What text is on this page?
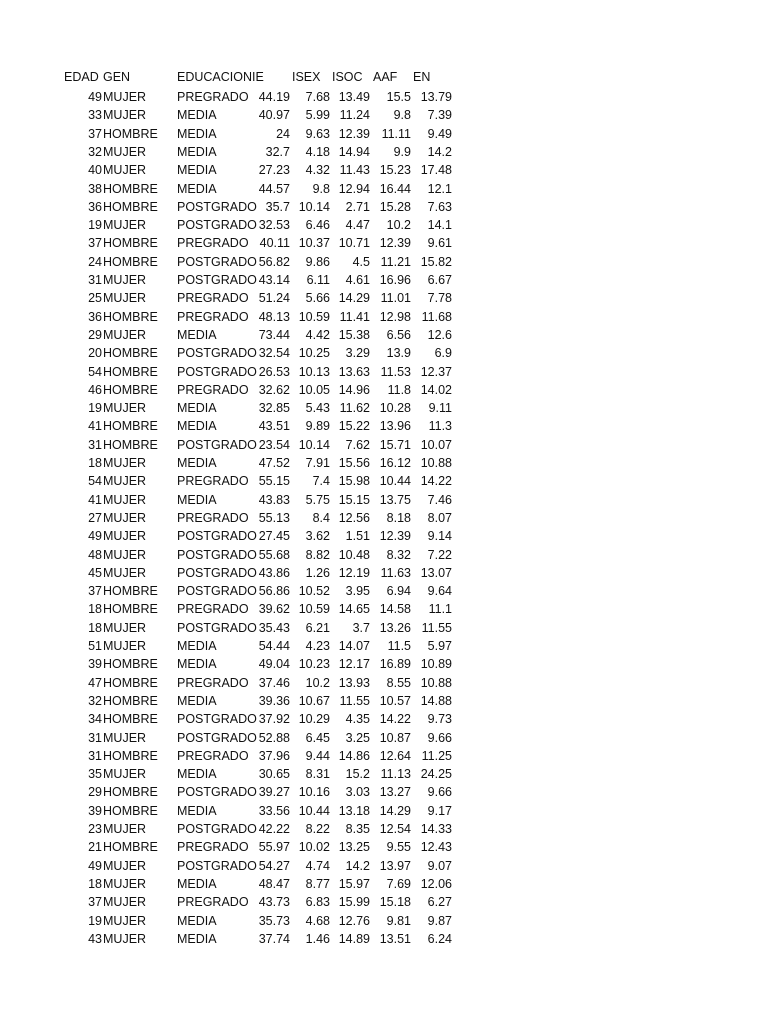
EDAD GEN	EDUCACION IE ISEX ISOC AAF EN
49 MUJER	PREGRADO 44.19	7.68 13.49	15.5 13.79
33 MUJER	MEDIA	40.97	5.99 11.24	9.8	7.39
37 HOMBRE	MEDIA	24	9.63 12.39 11.11	9.49
32 MUJER	MEDIA	32.7	4.18 14.94	9.9	14.2
40 MUJER	MEDIA	27.23	4.32 11.43 15.23 17.48
38 HOMBRE	MEDIA	44.57	9.8 12.94 16.44	12.1
36 HOMBRE	POSTGRADO 35.7 10.14	2.71 15.28	7.63
19 MUJER	POSTGRADO 32.53	6.46	4.47	10.2	14.1
37 HOMBRE	PREGRADO 40.11 10.37 10.71 12.39	9.61
24 HOMBRE	POSTGRADO 56.82	9.86	4.5 11.21 15.82
31 MUJER	POSTGRADO 43.14	6.11	4.61 16.96	6.67
25 MUJER	PREGRADO 51.24	5.66 14.29 11.01	7.78
36 HOMBRE	PREGRADO 48.13 10.59 11.41 12.98 11.68
29 MUJER	MEDIA	73.44	4.42 15.38	6.56	12.6
20 HOMBRE	POSTGRADO 32.54 10.25	3.29	13.9	6.9
54 HOMBRE	POSTGRADO 26.53 10.13 13.63 11.53 12.37
46 HOMBRE	PREGRADO 32.62 10.05 14.96	11.8 14.02
19 MUJER	MEDIA	32.85	5.43 11.62 10.28	9.11
41 HOMBRE	MEDIA	43.51	9.89 15.22 13.96	11.3
31 HOMBRE	POSTGRADO 23.54 10.14	7.62 15.71 10.07
18 MUJER	MEDIA	47.52	7.91 15.56 16.12 10.88
54 MUJER	PREGRADO 55.15	7.4 15.98 10.44 14.22
41 MUJER	MEDIA	43.83	5.75 15.15 13.75	7.46
27 MUJER	PREGRADO 55.13	8.4 12.56	8.18	8.07
49 MUJER	POSTGRADO 27.45	3.62	1.51 12.39	9.14
48 MUJER	POSTGRADO 55.68	8.82 10.48	8.32	7.22
45 MUJER	POSTGRADO 43.86	1.26 12.19 11.63 13.07
37 HOMBRE	POSTGRADO 56.86 10.52	3.95	6.94	9.64
18 HOMBRE	PREGRADO 39.62 10.59 14.65 14.58	11.1
18 MUJER	POSTGRADO 35.43	6.21	3.7 13.26 11.55
51 MUJER	MEDIA	54.44	4.23 14.07	11.5	5.97
39 HOMBRE	MEDIA	49.04 10.23 12.17 16.89 10.89
47 HOMBRE	PREGRADO 37.46	10.2 13.93	8.55 10.88
32 HOMBRE	MEDIA	39.36 10.67 11.55 10.57 14.88
34 HOMBRE	POSTGRADO 37.92 10.29	4.35 14.22	9.73
31 MUJER	POSTGRADO 52.88	6.45	3.25 10.87	9.66
31 HOMBRE	PREGRADO 37.96	9.44 14.86 12.64 11.25
35 MUJER	MEDIA	30.65	8.31	15.2 11.13 24.25
29 HOMBRE	POSTGRADO 39.27 10.16	3.03 13.27	9.66
39 HOMBRE	MEDIA	33.56 10.44 13.18 14.29	9.17
23 MUJER	POSTGRADO 42.22	8.22	8.35 12.54 14.33
21 HOMBRE	PREGRADO 55.97 10.02 13.25	9.55 12.43
49 MUJER	POSTGRADO 54.27	4.74	14.2 13.97	9.07
18 MUJER	MEDIA	48.47	8.77 15.97	7.69 12.06
37 MUJER	PREGRADO 43.73	6.83 15.99 15.18	6.27
19 MUJER	MEDIA	35.73	4.68 12.76	9.81	9.87
43 MUJER	MEDIA	37.74	1.46 14.89 13.51	6.24
